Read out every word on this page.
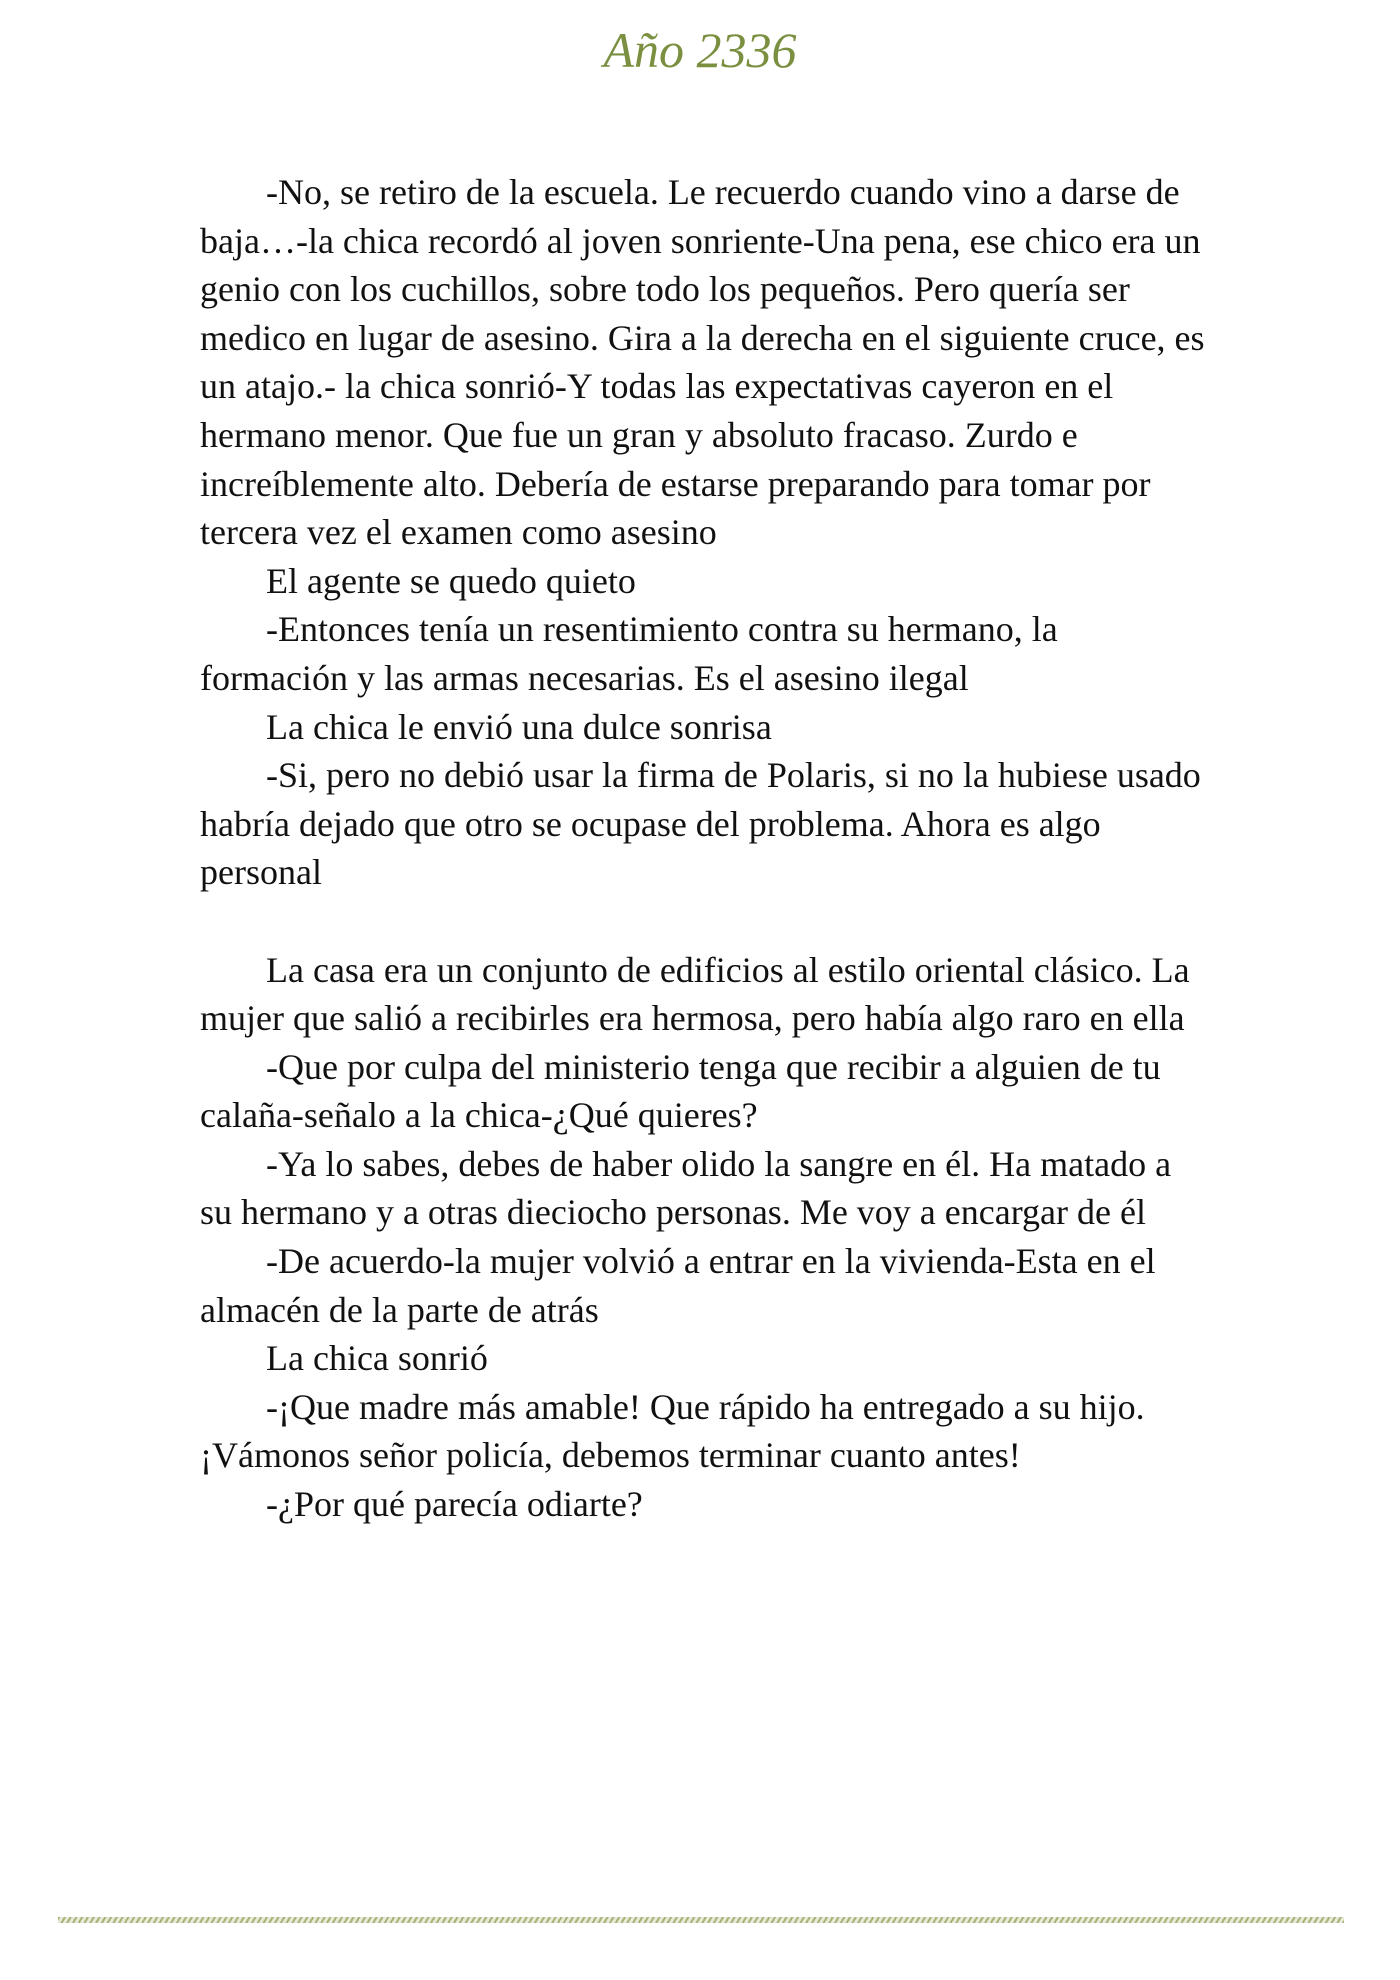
Año 2336

-No, se retiro de la escuela. Le recuerdo cuando vino a darse de baja…-la chica recordó al joven sonriente-Una pena, ese chico era un genio con los cuchillos, sobre todo los pequeños. Pero quería ser medico en lugar de asesino. Gira a la derecha en el siguiente cruce, es un atajo.- la chica sonrió-Y todas las expectativas cayeron en el hermano menor. Que fue un gran y absoluto fracaso. Zurdo e increíblemente alto. Debería de estarse preparando para tomar por tercera vez el examen como asesino

El agente se quedo quieto

-Entonces tenía un resentimiento contra su hermano, la formación y las armas necesarias. Es el asesino ilegal

La chica le envió una dulce sonrisa

-Si, pero no debió usar la firma de Polaris, si no la hubiese usado habría dejado que otro se ocupase del problema. Ahora es algo personal

La casa era un conjunto de edificios al estilo oriental clásico. La mujer que salió a recibirles era hermosa, pero había algo raro en ella

-Que por culpa del ministerio tenga que recibir a alguien de tu calaña-señalo a la chica-¿Qué quieres?

-Ya lo sabes, debes de haber olido la sangre en él. Ha matado a su hermano y a otras dieciocho personas. Me voy a encargar de él

-De acuerdo-la mujer volvió a entrar en la vivienda-Esta en el almacén de la parte de atrás

La chica sonrió

-¡Que madre más amable! Que rápido ha entregado a su hijo. ¡Vámonos señor policía, debemos terminar cuanto antes!

-¿Por qué parecía odiarte?
